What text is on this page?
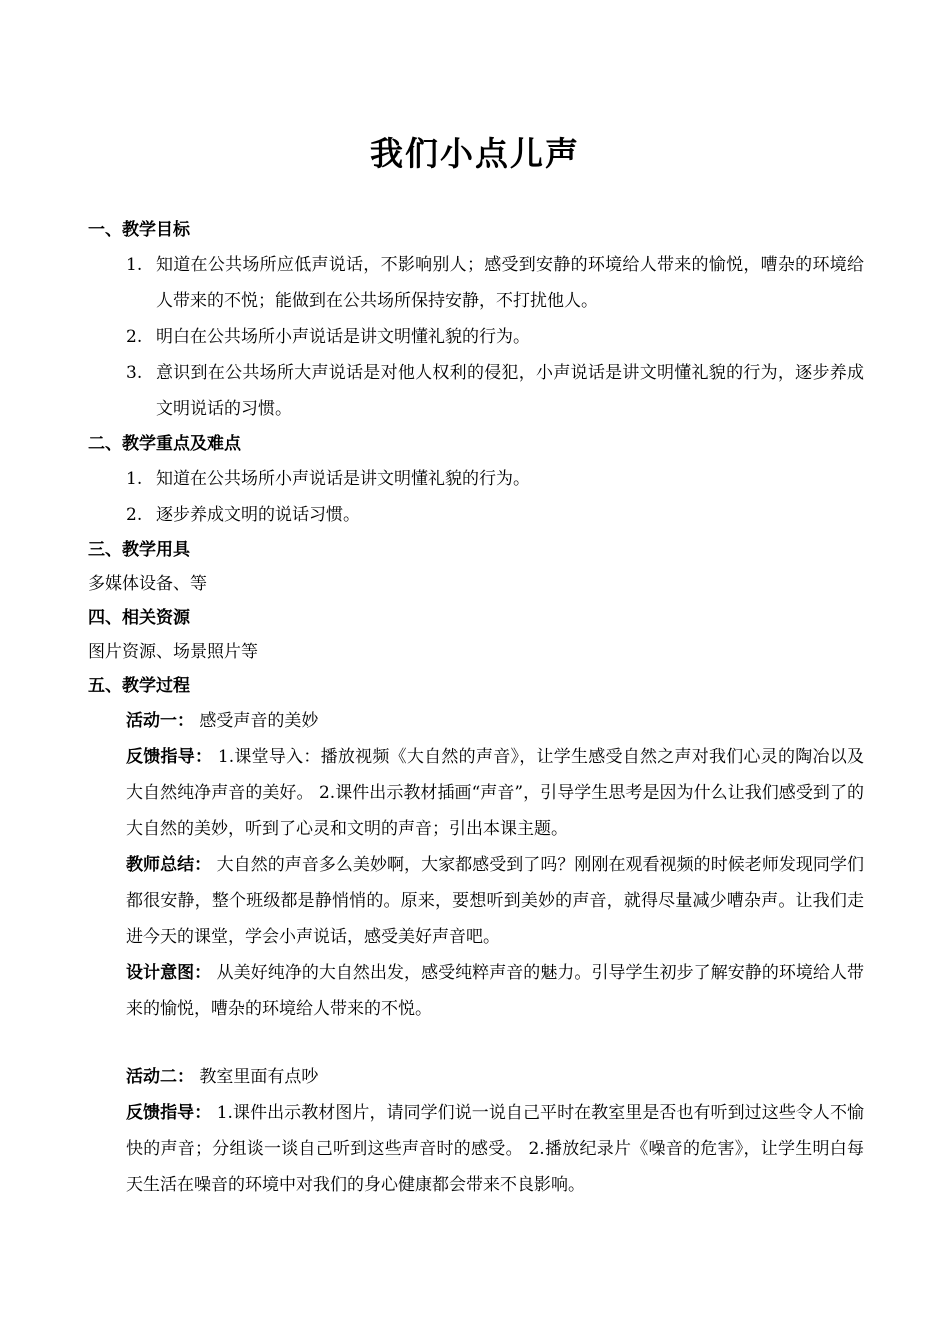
我们小点儿声

一、教学目标

1. 知道在公共场所应低声说话，不影响别人；感受到安静的环境给人带来的愉悦，嘈杂的环境给人带来的不悦；能做到在公共场所保持安静，不打扰他人。
2. 明白在公共场所小声说话是讲文明懂礼貌的行为。
3. 意识到在公共场所大声说话是对他人权利的侵犯，小声说话是讲文明懂礼貌的行为，逐步养成文明说话的习惯。

二、教学重点及难点

1. 知道在公共场所小声说话是讲文明懂礼貌的行为。
2. 逐步养成文明的说话习惯。

三、教学用具

多媒体设备、等

四、相关资源

图片资源、场景照片等

五、教学过程

活动一： 感受声音的美妙

反馈指导： 1.课堂导入：播放视频《大自然的声音》，让学生感受自然之声对我们心灵的陶冶以及大自然纯净声音的美好。 2.课件出示教材插画“声音”，引导学生思考是因为什么让我们感受到了的大自然的美妙，听到了心灵和文明的声音；引出本课主题。

教师总结： 大自然的声音多么美妙啊，大家都感受到了吗？刚刚在观看视频的时候老师发现同学们都很安静，整个班级都是静悄悄的。原来，要想听到美妙的声音，就得尽量减少嘈杂声。让我们走进今天的课堂，学会小声说话，感受美好声音吧。

设计意图： 从美好纯净的大自然出发，感受纯粹声音的魅力。引导学生初步了解安静的环境给人带来的愉悦，嘈杂的环境给人带来的不悦。

活动二： 教室里面有点吵

反馈指导： 1.课件出示教材图片，请同学们说一说自己平时在教室里是否也有听到过这些令人不愉快的声音；分组谈一谈自己听到这些声音时的感受。 2.播放纪录片《噪音的危害》，让学生明白每天生活在噪音的环境中对我们的身心健康都会带来不良影响。
